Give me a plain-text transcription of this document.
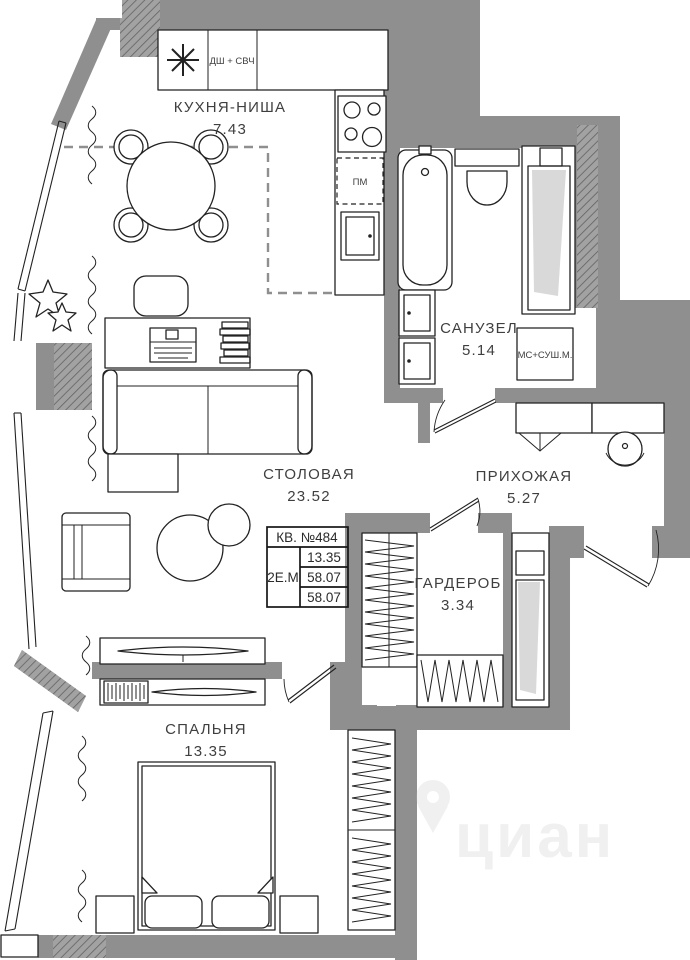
ДШ + СВЧ
ПМ
МС+СУШ.М.
КВ. №484
2Е.М
13.35
58.07
58.07
КУХНЯ-НИША
7.43
СТОЛОВАЯ
23.52
САНУЗЕЛ
5.14
ПРИХОЖАЯ
5.27
ГАРДЕРОБ
3.34
СПАЛЬНЯ
13.35
циан
